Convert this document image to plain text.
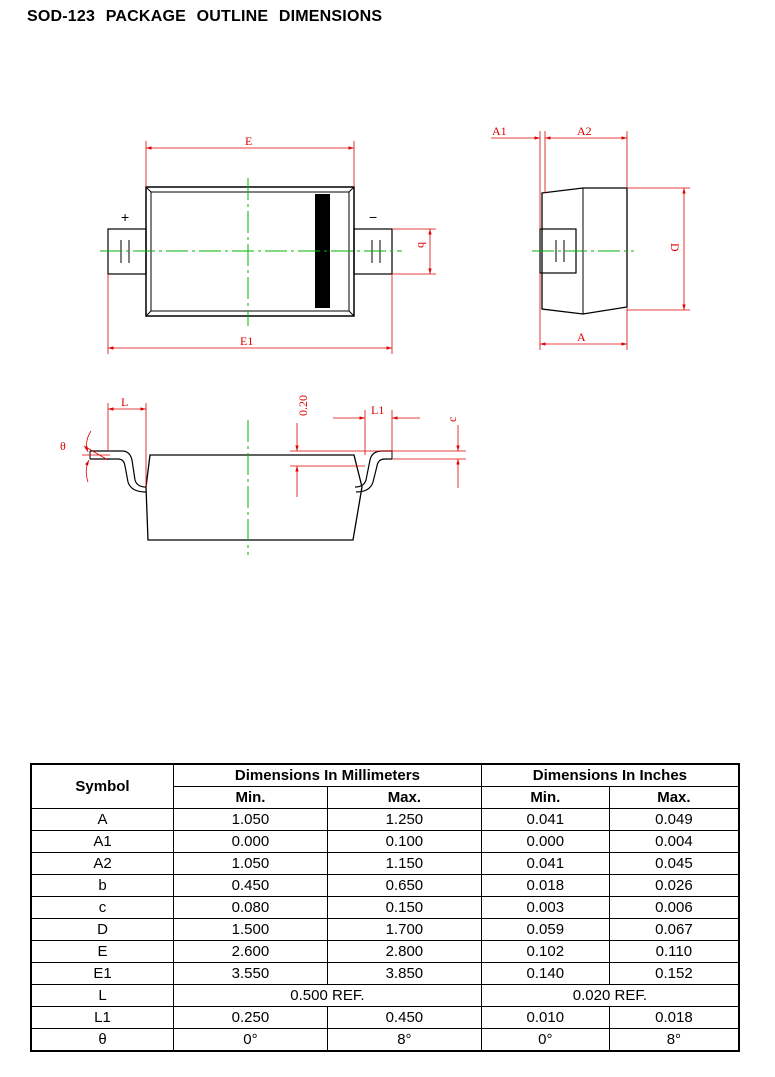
SOD-123 PACKAGE OUTLINE DIMENSIONS
+	−
E
E1
b
A1	A2
D
A
L
L1
0.20
c
θ
Symbol	Dimensions In Millimeters		Dimensions In Inches	
	Min.	Max.	Min.	Max.
A	1.050	1.250	0.041	0.049
A1	0.000	0.100	0.000	0.004
A2	1.050	1.150	0.041	0.045
b	0.450	0.650	0.018	0.026
c	0.080	0.150	0.003	0.006
D	1.500	1.700	0.059	0.067
E	2.600	2.800	0.102	0.110
E1	3.550	3.850	0.140	0.152
L	0.500 REF.		0.020 REF.	
L1	0.250	0.450	0.010	0.018
θ	0°	8°	0°	8°
